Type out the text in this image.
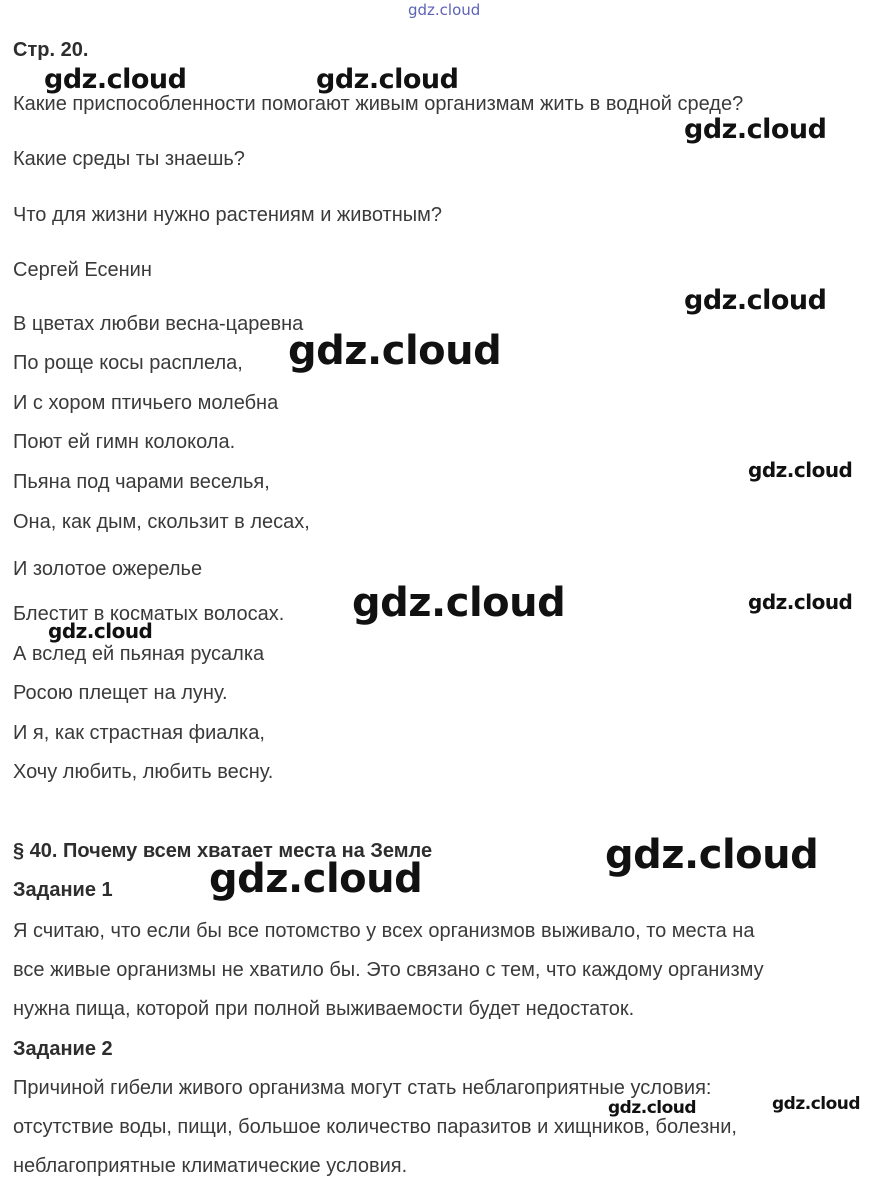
gdz.cloud
Стр. 20.
Какие приспособленности помогают живым организмам жить в водной среде?
Какие среды ты знаешь?
Что для жизни нужно растениям и животным?
Сергей Есенин
В цветах любви весна-царевна
По роще косы расплела,
И с хором птичьего молебна
Поют ей гимн колокола.
Пьяна под чарами веселья,
Она, как дым, скользит в лесах,
И золотое ожерелье
Блестит в косматых волосах.
А вслед ей пьяная русалка
Росою плещет на луну.
И я, как страстная фиалка,
Хочу любить, любить весну.
§ 40. Почему всем хватает места на Земле
Задание 1
Я считаю, что если бы все потомство у всех организмов выживало, то места на
все живые организмы не хватило бы. Это связано с тем, что каждому организму
нужна пища, которой при полной выживаемости будет недостаток.
Задание 2
Причиной гибели живого организма могут стать неблагоприятные условия:
отсутствие воды, пищи, большое количество паразитов и хищников, болезни,
неблагоприятные климатические условия.
gdz.cloud	gdz.cloud
gdz.cloud
gdz.cloud
gdz.cloud
gdz.cloud
gdz.cloud	gdz.cloud
gdz.cloud
gdz.cloud
gdz.cloud
gdz.cloud	gdz.cloud
